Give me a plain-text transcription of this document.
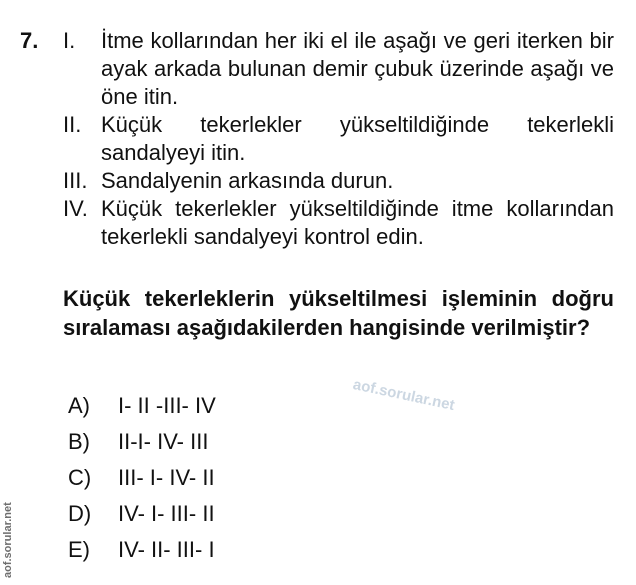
7. I. İtme kollarından her iki el ile aşağı ve geri iterken bir ayak arkada bulunan demir çubuk üzerinde aşağı ve öne itin.
II. Küçük tekerlekler yükseltildiğinde tekerlekli sandalyeyi itin.
III. Sandalyenin arkasında durun.
IV. Küçük tekerlekler yükseltildiğinde itme kollarından tekerlekli sandalyeyi kontrol edin.
Küçük tekerleklerin yükseltilmesi işleminin doğru sıralaması aşağıdakilerden hangisinde verilmiştir?
A) I- II -III- IV
B) II-I- IV- III
C) III- I- IV- II
D) IV- I- III- II
E) IV- II- III- I
aof.sorular.net
aof.sorular.net
